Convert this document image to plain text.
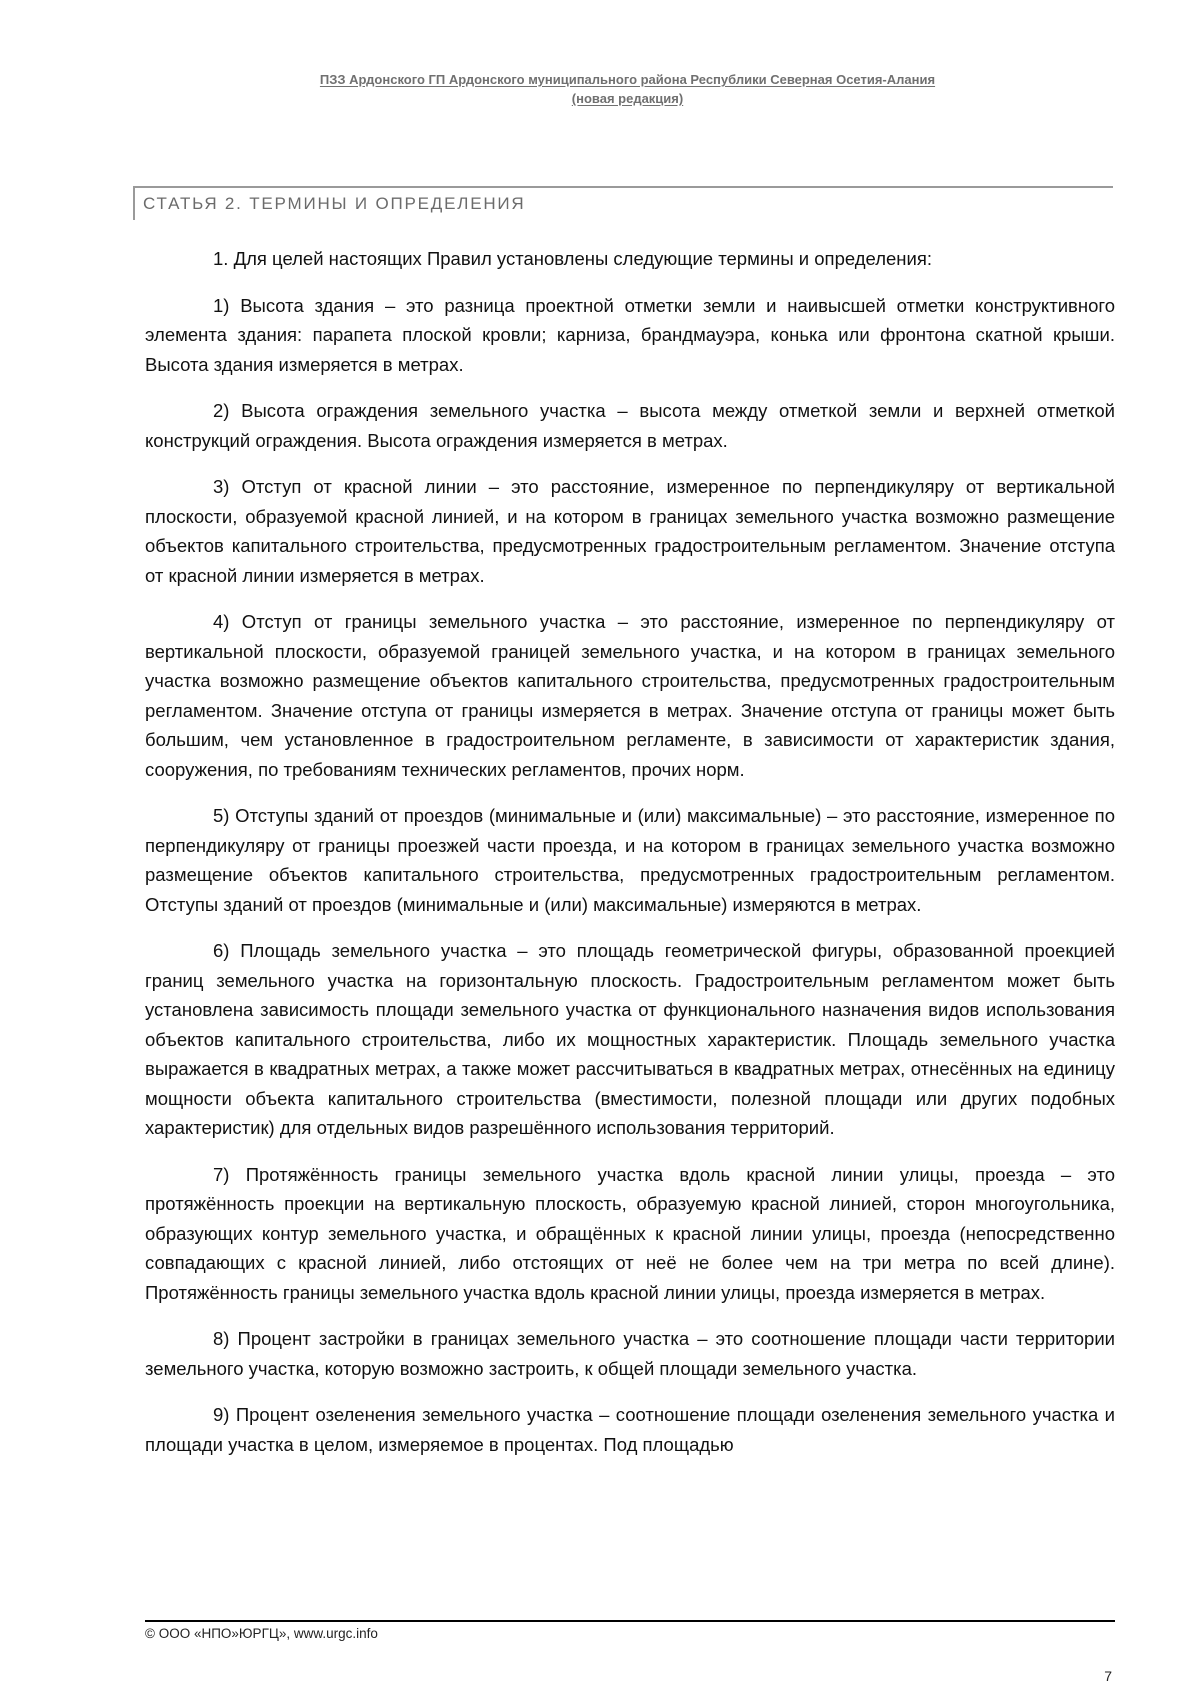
ПЗЗ Ардонского ГП Ардонского муниципального района Республики Северная Осетия-Алания
(новая редакция)
СТАТЬЯ 2. ТЕРМИНЫ И ОПРЕДЕЛЕНИЯ

1. Для целей настоящих Правил установлены следующие термины и определения:

1) Высота здания – это разница проектной отметки земли и наивысшей отметки конструктивного элемента здания: парапета плоской кровли; карниза, брандмауэра, конька или фронтона скатной крыши. Высота здания измеряется в метрах.

2) Высота ограждения земельного участка – высота между отметкой земли и верхней отметкой конструкций ограждения. Высота ограждения измеряется в метрах.

3) Отступ от красной линии – это расстояние, измеренное по перпендикуляру от вертикальной плоскости, образуемой красной линией, и на котором в границах земельного участка возможно размещение объектов капитального строительства, предусмотренных градостроительным регламентом. Значение отступа от красной линии измеряется в метрах.

4) Отступ от границы земельного участка – это расстояние, измеренное по перпендикуляру от вертикальной плоскости, образуемой границей земельного участка, и на котором в границах земельного участка возможно размещение объектов капитального строительства, предусмотренных градостроительным регламентом. Значение отступа от границы измеряется в метрах. Значение отступа от границы может быть большим, чем установленное в градостроительном регламенте, в зависимости от характеристик здания, сооружения, по требованиям технических регламентов, прочих норм.

5) Отступы зданий от проездов (минимальные и (или) максимальные) – это расстояние, измеренное по перпендикуляру от границы проезжей части проезда, и на котором в границах земельного участка возможно размещение объектов капитального строительства, предусмотренных градостроительным регламентом. Отступы зданий от проездов (минимальные и (или) максимальные) измеряются в метрах.

6) Площадь земельного участка – это площадь геометрической фигуры, образованной проекцией границ земельного участка на горизонтальную плоскость. Градостроительным регламентом может быть установлена зависимость площади земельного участка от функционального назначения видов использования объектов капитального строительства, либо их мощностных характеристик. Площадь земельного участка выражается в квадратных метрах, а также может рассчитываться в квадратных метрах, отнесённых на единицу мощности объекта капитального строительства (вместимости, полезной площади или других подобных характеристик) для отдельных видов разрешённого использования территорий.

7) Протяжённость границы земельного участка вдоль красной линии улицы, проезда – это протяжённость проекции на вертикальную плоскость, образуемую красной линией, сторон многоугольника, образующих контур земельного участка, и обращённых к красной линии улицы, проезда (непосредственно совпадающих с красной линией, либо отстоящих от неё не более чем на три метра по всей длине). Протяжённость границы земельного участка вдоль красной линии улицы, проезда измеряется в метрах.

8) Процент застройки в границах земельного участка – это соотношение площади части территории земельного участка, которую возможно застроить, к общей площади земельного участка.

9) Процент озеленения земельного участка – соотношение площади озеленения земельного участка и площади участка в целом, измеряемое в процентах. Под площадью

© ООО «НПО»ЮРГЦ», www.urgc.info
7
